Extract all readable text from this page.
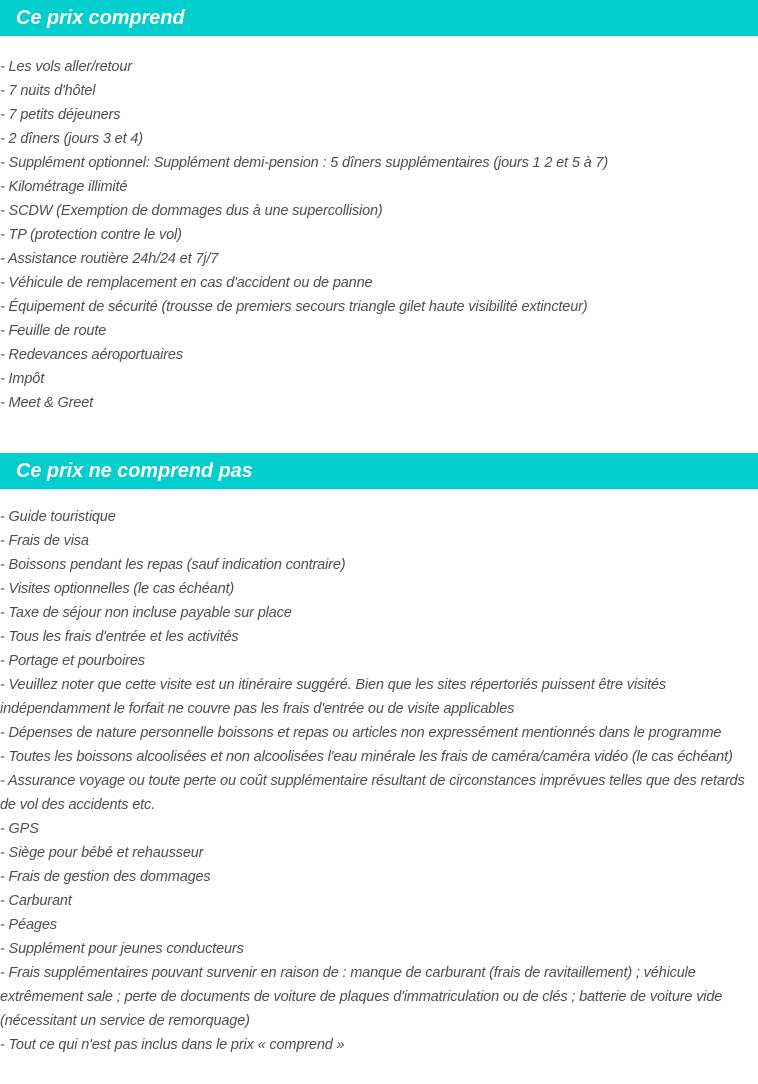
Ce prix comprend
- Les vols aller/retour
- 7 nuits d'hôtel
- 7 petits déjeuners
- 2 dîners (jours 3 et 4)
- Supplément optionnel: Supplément demi-pension : 5 dîners supplémentaires (jours 1 2 et 5 à 7)
- Kilométrage illimité
- SCDW (Exemption de dommages dus à une supercollision)
- TP (protection contre le vol)
- Assistance routière 24h/24 et 7j/7
- Véhicule de remplacement en cas d'accident ou de panne
- Équipement de sécurité (trousse de premiers secours triangle gilet haute visibilité extincteur)
- Feuille de route
- Redevances aéroportuaires
- Impôt
- Meet & Greet
Ce prix ne comprend pas
- Guide touristique
- Frais de visa
- Boissons pendant les repas (sauf indication contraire)
- Visites optionnelles (le cas échéant)
- Taxe de séjour non incluse payable sur place
- Tous les frais d'entrée et les activités
- Portage et pourboires
- Veuillez noter que cette visite est un itinéraire suggéré. Bien que les sites répertoriés puissent être visités indépendamment le forfait ne couvre pas les frais d'entrée ou de visite applicables
- Dépenses de nature personnelle boissons et repas ou articles non expressément mentionnés dans le programme
- Toutes les boissons alcoolisées et non alcoolisées l'eau minérale les frais de caméra/caméra vidéo (le cas échéant)
- Assurance voyage ou toute perte ou coût supplémentaire résultant de circonstances imprévues telles que des retards de vol des accidents etc.
- GPS
- Siège pour bébé et rehausseur
- Frais de gestion des dommages
- Carburant
- Péages
- Supplément pour jeunes conducteurs
- Frais supplémentaires pouvant survenir en raison de : manque de carburant (frais de ravitaillement) ; véhicule extrêmement sale ; perte de documents de voiture de plaques d'immatriculation ou de clés ; batterie de voiture vide (nécessitant un service de remorquage)
- Tout ce qui n'est pas inclus dans le prix « comprend »
